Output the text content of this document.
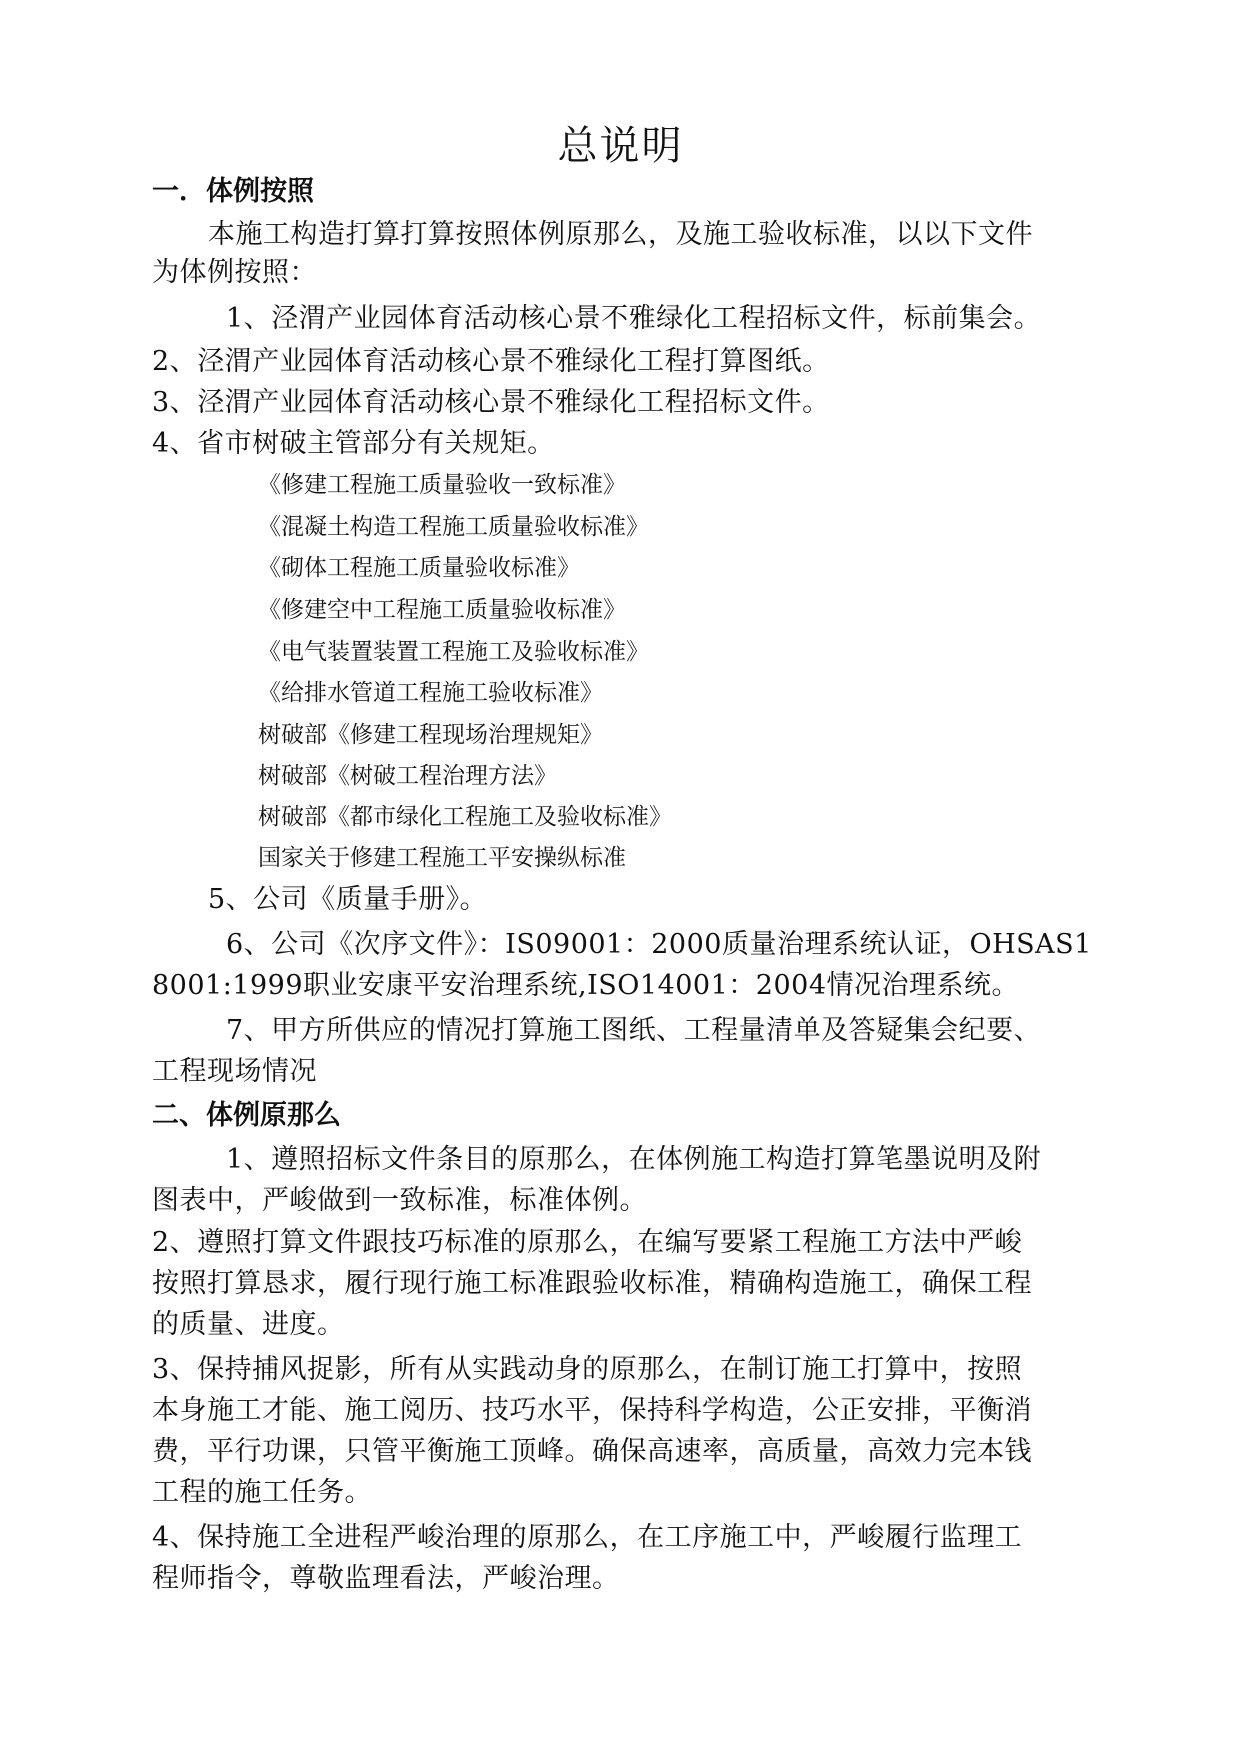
总说明
一．体例按照
本施工构造打算打算按照体例原那么，及施工验收标准，以以下文件
为体例按照：
1、泾渭产业园体育活动核心景不雅绿化工程招标文件，标前集会。
2、泾渭产业园体育活动核心景不雅绿化工程打算图纸。
3、泾渭产业园体育活动核心景不雅绿化工程招标文件。
4、省市树破主管部分有关规矩。
《修建工程施工质量验收一致标准》
《混凝土构造工程施工质量验收标准》
《砌体工程施工质量验收标准》
《修建空中工程施工质量验收标准》
《电气装置装置工程施工及验收标准》
《给排水管道工程施工验收标准》
树破部《修建工程现场治理规矩》
树破部《树破工程治理方法》
树破部《都市绿化工程施工及验收标准》
国家关于修建工程施工平安操纵标准
5、公司《质量手册》。
6、公司《次序文件》：IS09001：2000质量治理系统认证，OHSAS1
8001:1999职业安康平安治理系统,ISO14001：2004情况治理系统。
7、甲方所供应的情况打算施工图纸、工程量清单及答疑集会纪要、
工程现场情况
二、体例原那么
1、遵照招标文件条目的原那么，在体例施工构造打算笔墨说明及附
图表中，严峻做到一致标准，标准体例。
2、遵照打算文件跟技巧标准的原那么，在编写要紧工程施工方法中严峻
按照打算恳求，履行现行施工标准跟验收标准，精确构造施工，确保工程
的质量、进度。
3、保持捕风捉影，所有从实践动身的原那么，在制订施工打算中，按照
本身施工才能、施工阅历、技巧水平，保持科学构造，公正安排，平衡消
费，平行功课，只管平衡施工顶峰。确保高速率，高质量，高效力完本钱
工程的施工任务。
4、保持施工全进程严峻治理的原那么，在工序施工中，严峻履行监理工
程师指令，尊敬监理看法，严峻治理。
